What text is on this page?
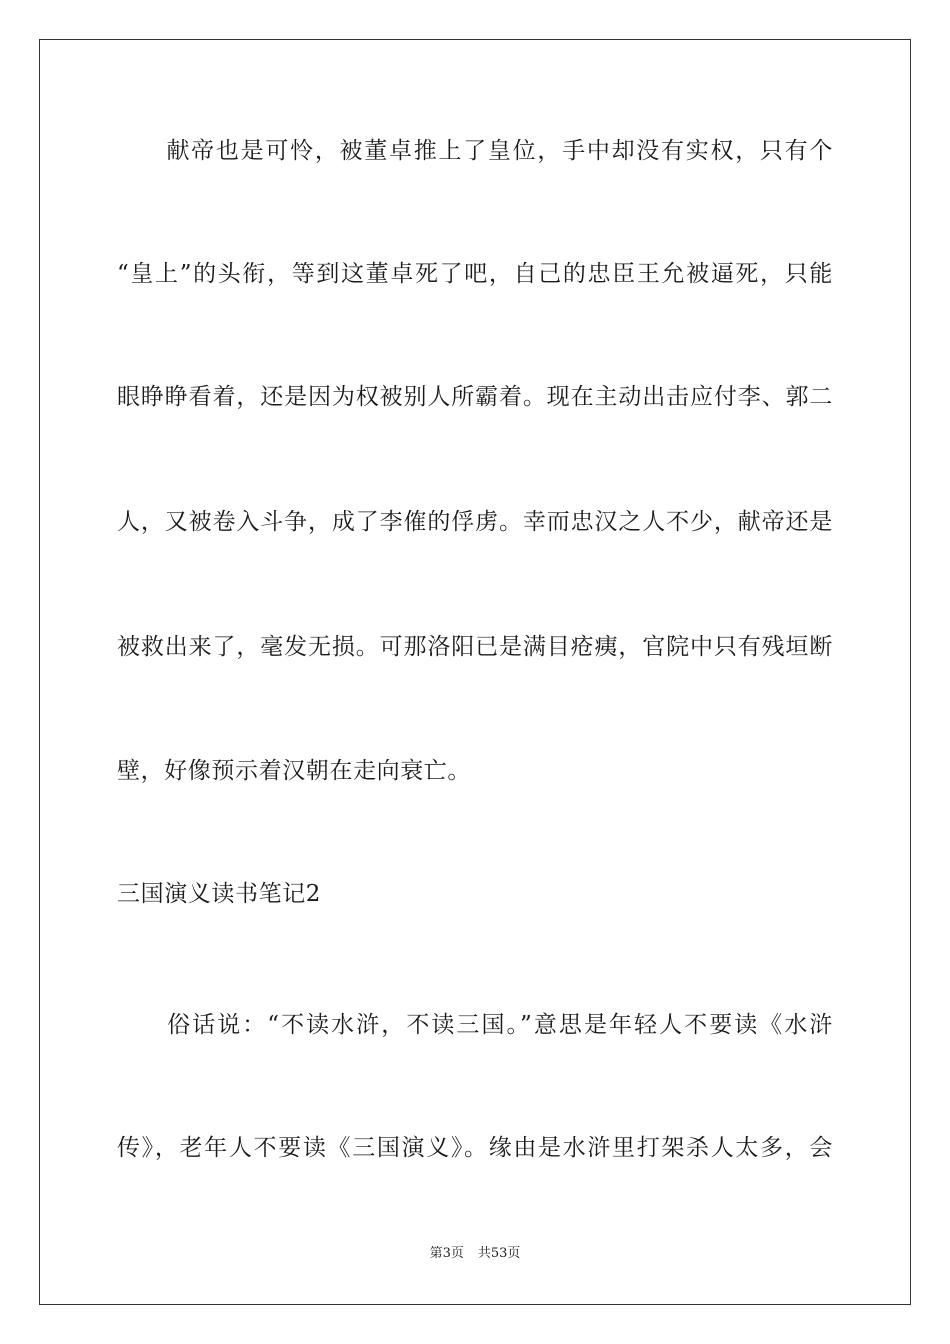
　　献帝也是可怜，被董卓推上了皇位，手中却没有实权，只有个
“皇上”的头衔，等到这董卓死了吧，自己的忠臣王允被逼死，只能
眼睁睁看着，还是因为权被别人所霸着。现在主动出击应付李、郭二
人，又被卷入斗争，成了李傕的俘虏。幸而忠汉之人不少，献帝还是
被救出来了，毫发无损。可那洛阳已是满目疮痍，官院中只有残垣断
壁，好像预示着汉朝在走向衰亡。
三国演义读书笔记2
　　俗话说：“不读水浒，不读三国。”意思是年轻人不要读《水浒
传》，老年人不要读《三国演义》。缘由是水浒里打架杀人太多，会
第3页 共53页
